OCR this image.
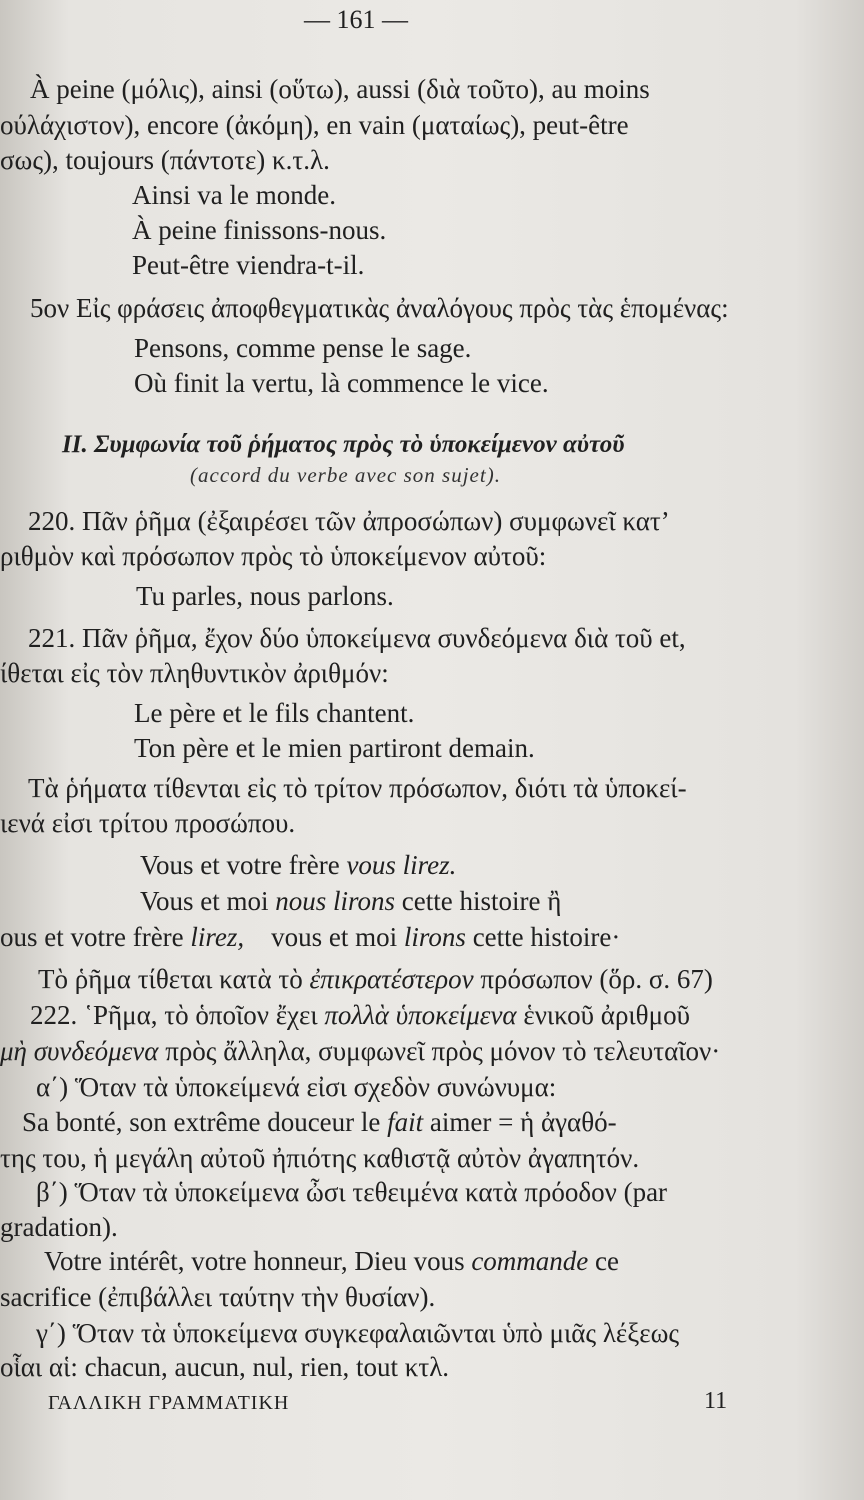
— 161 —
À peine (μόλις), ainsi (οὕτω), aussi (διὰ τοῦτο), au moins
ούλάχιστον), encore (ἀκόμη), en vain (ματαίως), peut-être
σως), toujours (πάντοτε) κ.τ.λ.
Ainsi va le monde.
À peine finissons-nous.
Peut-être viendra-t-il.
5ον Εἰς φράσεις ἀποφθεγματικὰς ἀναλόγους πρὸς τὰς ἑπομένας:
Pensons, comme pense le sage.
Où finit la vertu, là commence le vice.
ΙΙ. Συμφωνία τοῦ ῥήματος πρὸς τὸ ὑποκείμενον αὐτοῦ
(accord du verbe avec son sujet).
220. Πᾶν ῥῆμα (ἐξαιρέσει τῶν ἀπροσώπων) συμφωνεῖ κατ’
ριθμὸν καὶ πρόσωπον πρὸς τὸ ὑποκείμενον αὐτοῦ:
Tu parles, nous parlons.
221. Πᾶν ῥῆμα, ἔχον δύο ὑποκείμενα συνδεόμενα διὰ τοῦ et,
ίθεται εἰς τὸν πληθυντικὸν ἀριθμόν:
Le père et le fils chantent.
Ton père et le mien partiront demain.
Τὰ ῥήματα τίθενται εἰς τὸ τρίτον πρόσωπον, διότι τὰ ὑποκεί-
ιενά εἰσι τρίτου προσώπου.
Vous et votre frère vous lirez.
Vous et moi nous lirons cette histoire ἢ
ous et votre frère lirez, vous et moi lirons cette histoire·
Τὸ ῥῆμα τίθεται κατὰ τὸ ἐπικρατέστερον πρόσωπον (ὅρ. σ. 67)
222. ῾Ρῆμα, τὸ ὁποῖον ἔχει πολλὰ ὑποκείμενα ἑνικοῦ ἀριθμοῦ
μὴ συνδεόμενα πρὸς ἄλληλα, συμφωνεῖ πρὸς μόνον τὸ τελευταῖον·
α΄) Ὅταν τὰ ὑποκείμενά εἰσι σχεδὸν συνώνυμα:
Sa bonté, son extrême douceur le fait aimer = ἡ ἀγαθό-
της του, ἡ μεγάλη αὐτοῦ ἠπιότης καθιστᾷ αὐτὸν ἀγαπητόν.
β΄) Ὅταν τὰ ὑποκείμενα ὦσι τεθειμένα κατὰ πρόοδον (par
gradation).
Votre intérêt, votre honneur, Dieu vous commande ce
sacrifice (ἐπιβάλλει ταύτην τὴν θυσίαν).
γ΄) Ὅταν τὰ ὑποκείμενα συγκεφαλαιῶνται ὑπὸ μιᾶς λέξεως
οἷαι αἱ: chacun, aucun, nul, rien, tout κτλ.
ΓΑΛΛΙΚΗ ΓΡΑΜΜΑΤΙΚΗ	11
